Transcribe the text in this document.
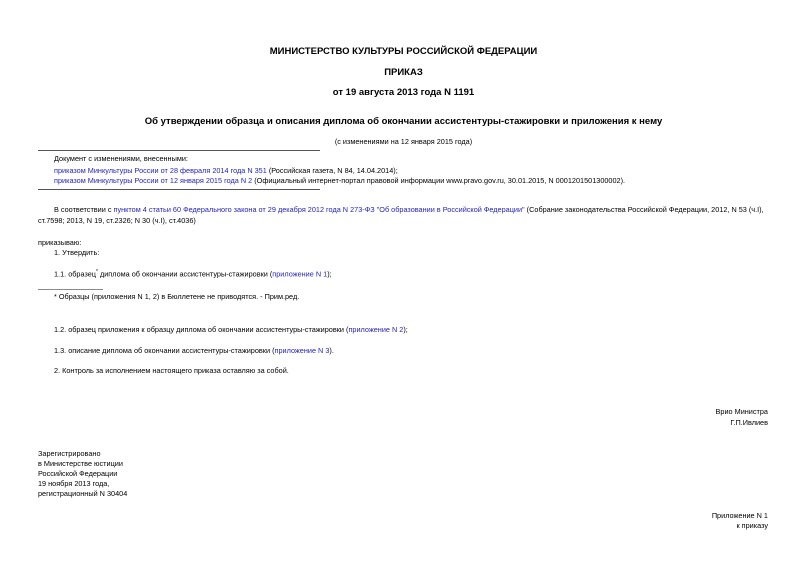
МИНИСТЕРСТВО КУЛЬТУРЫ РОССИЙСКОЙ ФЕДЕРАЦИИ
ПРИКАЗ
от 19 августа 2013 года N 1191
Об утверждении образца и описания диплома об окончании ассистентуры-стажировки и приложения к нему
(с изменениями на 12 января 2015 года)
Документ с изменениями, внесенными:
приказом Минкультуры России от 28 февраля 2014 года N 351 (Российская газета, N 84, 14.04.2014);
приказом Минкультуры России от 12 января 2015 года N 2 (Официальный интернет-портал правовой информации www.pravo.gov.ru, 30.01.2015, N 0001201501300002).
В соответствии с пунктом 4 статьи 60 Федерального закона от 29 декабря 2012 года N 273-ФЗ "Об образовании в Российской Федерации" (Собрание законодательства Российской Федерации, 2012, N 53 (ч.I),
ст.7598; 2013, N 19, ст.2326; N 30 (ч.I), ст.4036)
приказываю:
1. Утвердить:
1.1. образец* диплома об окончании ассистентуры-стажировки (приложение N 1);
________________
* Образцы (приложения N 1, 2) в Бюллетене не приводятся. - Прим.ред.
1.2. образец приложения к образцу диплома об окончании ассистентуры-стажировки (приложение N 2);
1.3. описание диплома об окончании ассистентуры-стажировки (приложение N 3).
2. Контроль за исполнением настоящего приказа оставляю за собой.
Врио Министра
Г.П.Ивлиев
Зарегистрировано
в Министерстве юстиции
Российской Федерации
19 ноября 2013 года,
регистрационный N 30404
Приложение N 1
к приказу
